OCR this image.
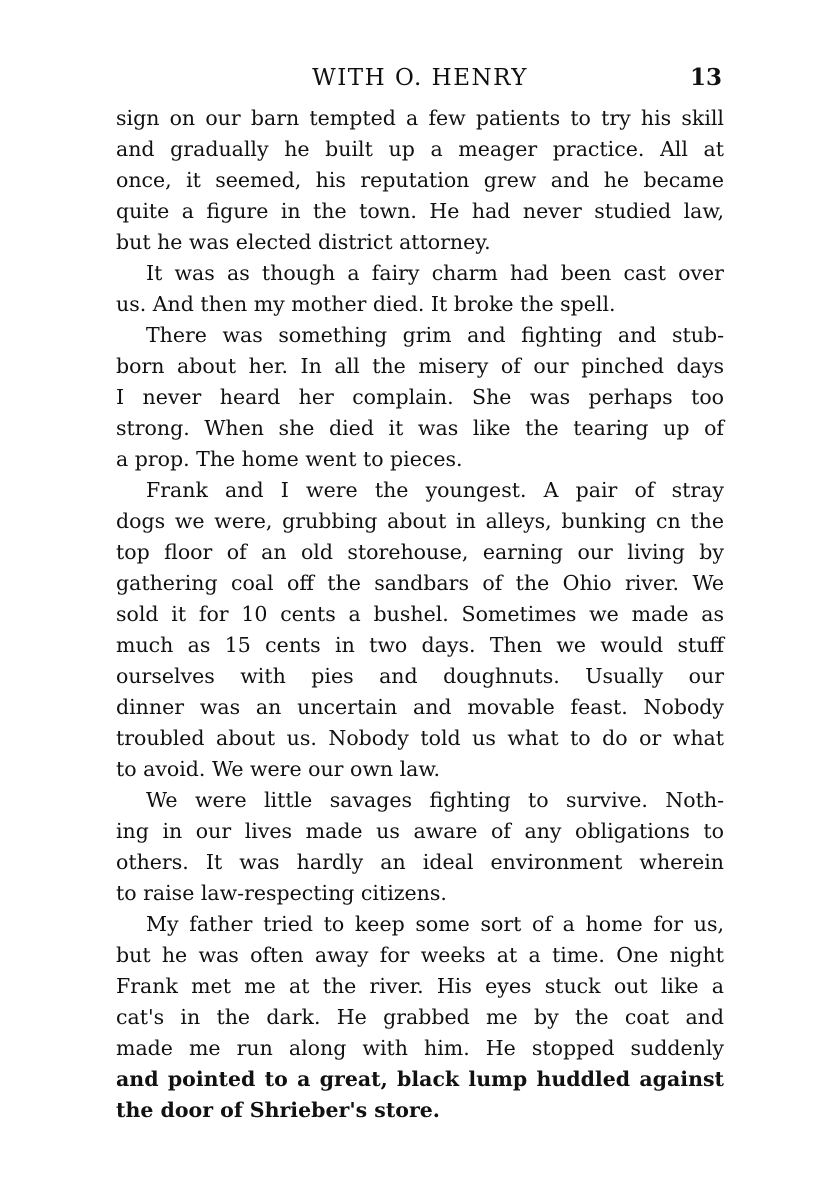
WITH O. HENRY	13
sign on our barn tempted a few patients to try his skill
and gradually he built up a meager practice. All at
once, it seemed, his reputation grew and he became
quite a figure in the town. He had never studied law,
but he was elected district attorney.
It was as though a fairy charm had been cast over
us. And then my mother died. It broke the spell.
There was something grim and fighting and stub-
born about her. In all the misery of our pinched days
I never heard her complain. She was perhaps too
strong. When she died it was like the tearing up of
a prop. The home went to pieces.
Frank and I were the youngest. A pair of stray
dogs we were, grubbing about in alleys, bunking cn the
top floor of an old storehouse, earning our living by
gathering coal off the sandbars of the Ohio river. We
sold it for 10 cents a bushel. Sometimes we made as
much as 15 cents in two days. Then we would stuff
ourselves with pies and doughnuts. Usually our
dinner was an uncertain and movable feast. Nobody
troubled about us. Nobody told us what to do or what
to avoid. We were our own law.
We were little savages fighting to survive. Noth-
ing in our lives made us aware of any obligations to
others. It was hardly an ideal environment wherein
to raise law-respecting citizens.
My father tried to keep some sort of a home for us,
but he was often away for weeks at a time. One night
Frank met me at the river. His eyes stuck out like a
cat's in the dark. He grabbed me by the coat and
made me run along with him. He stopped suddenly
and pointed to a great, black lump huddled against
the door of Shrieber's store.
